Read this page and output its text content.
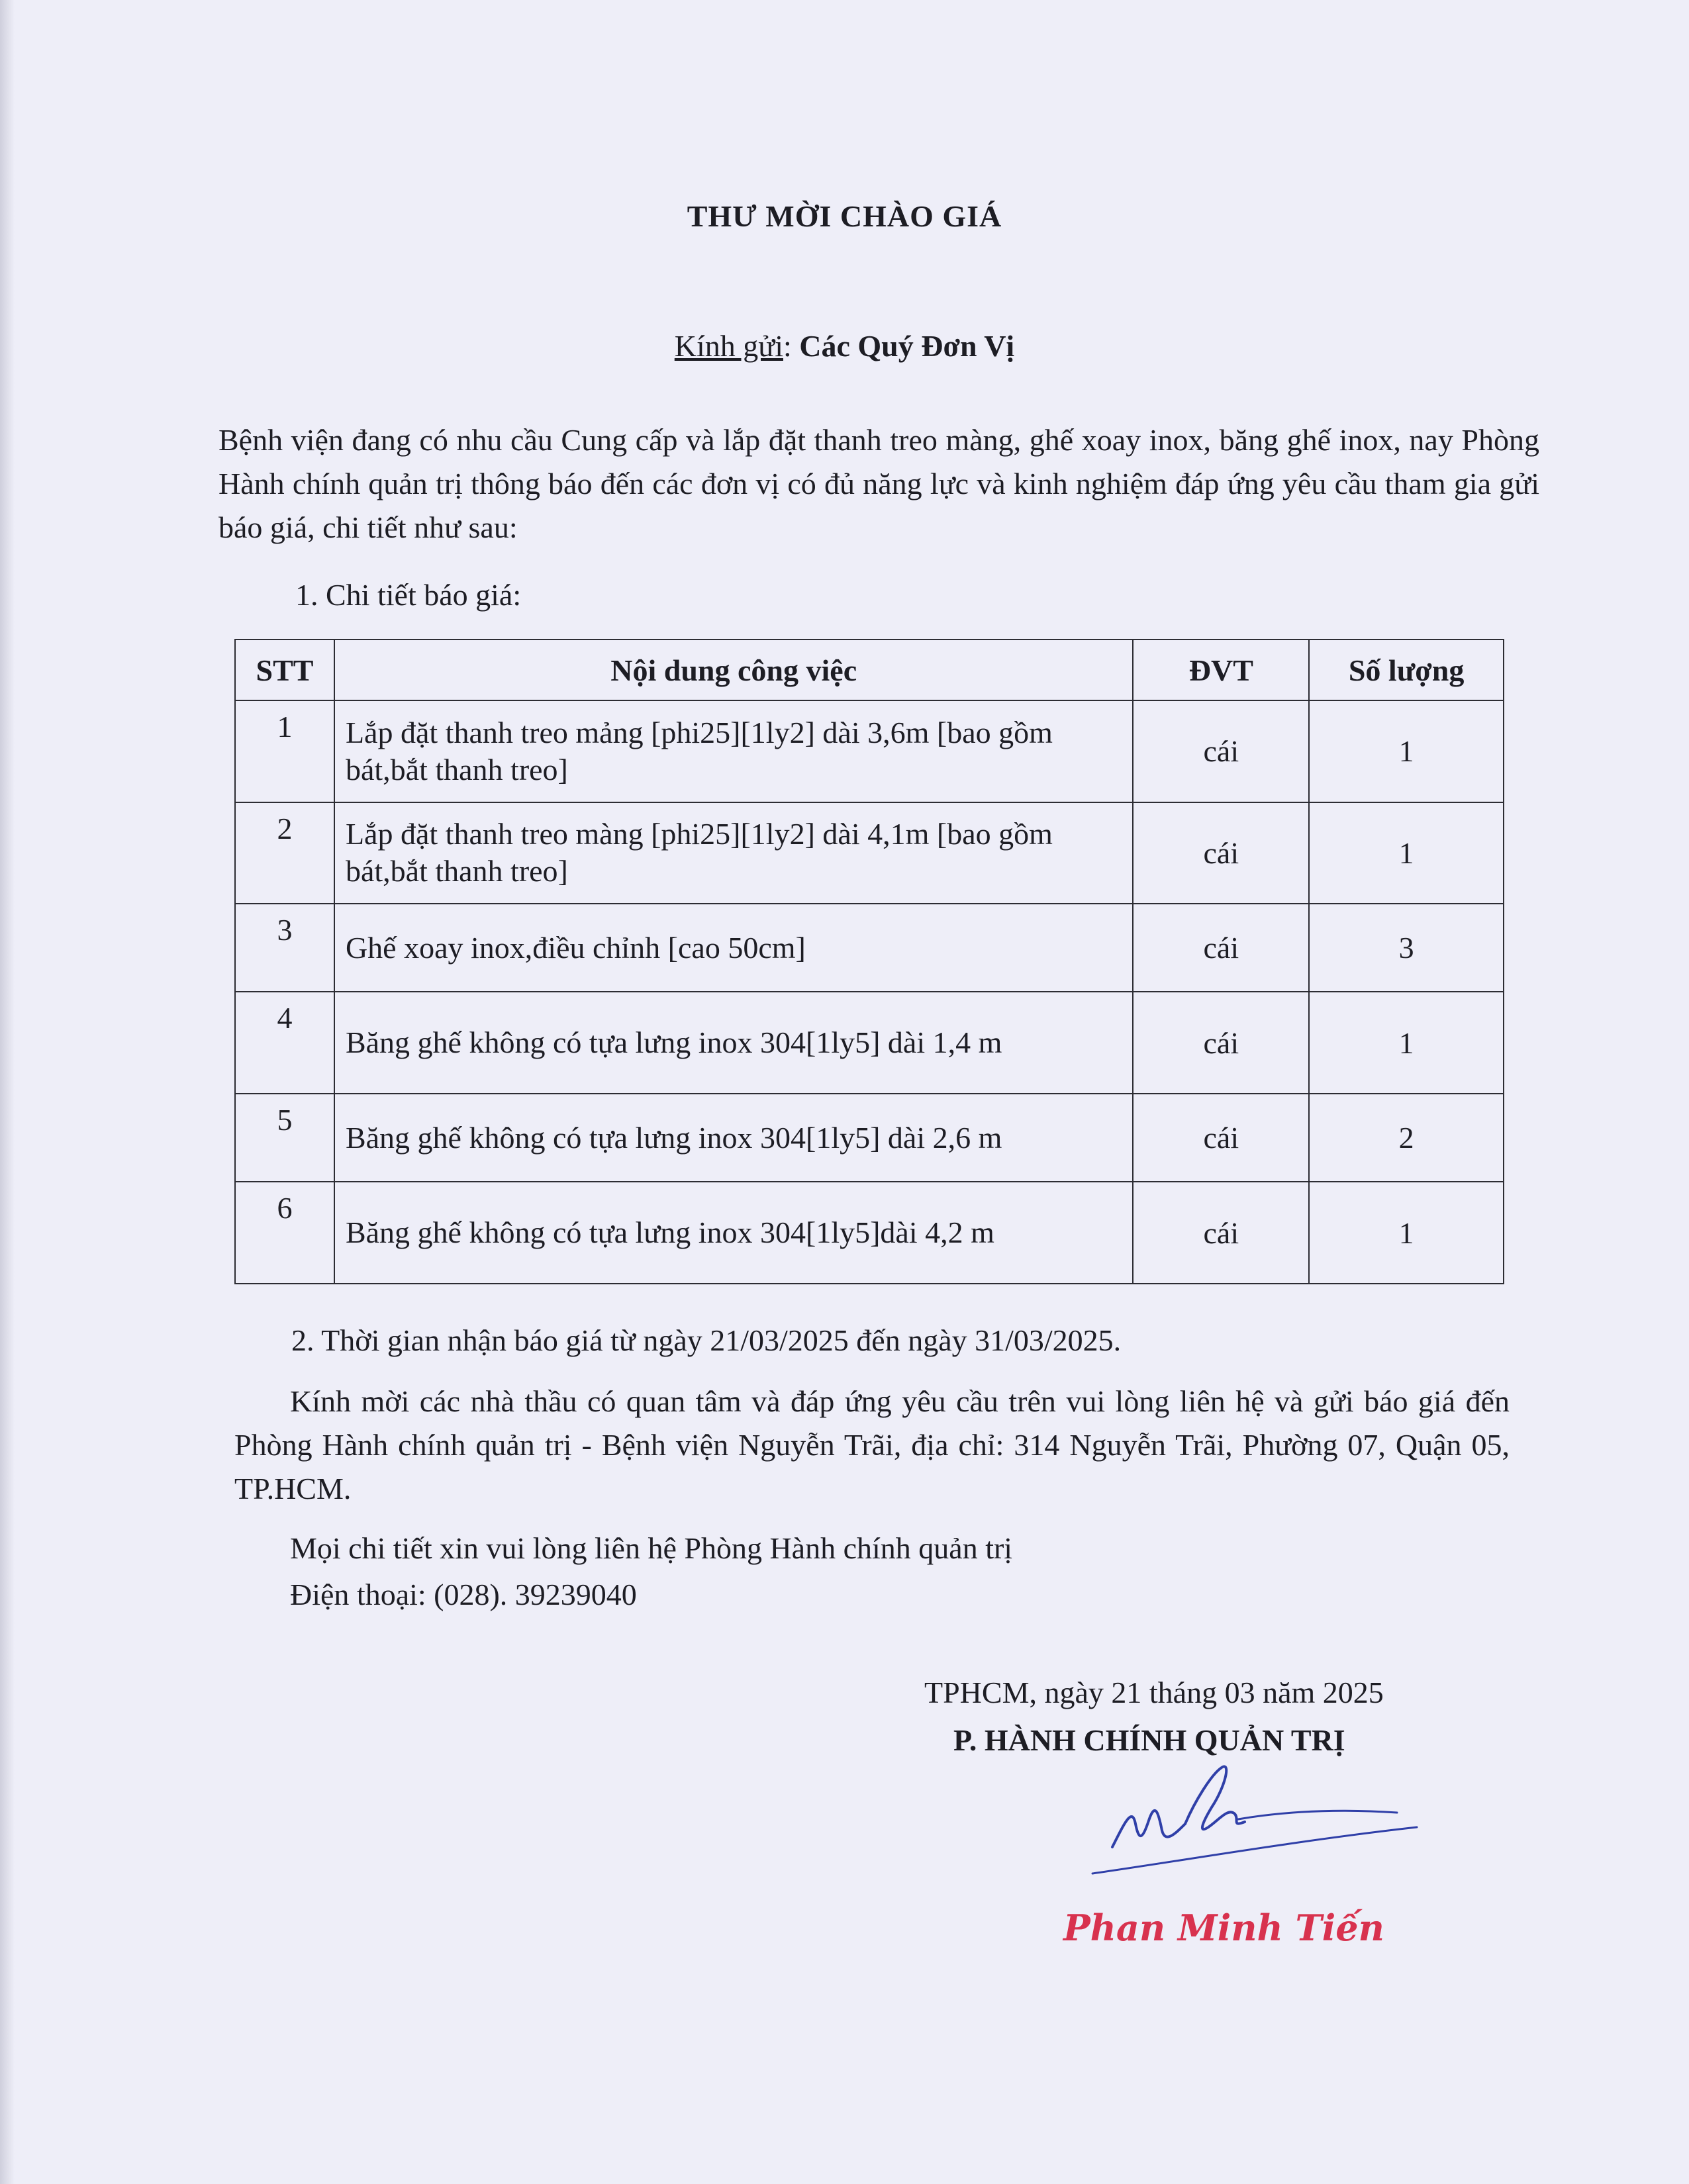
THƯ MỜI CHÀO GIÁ
Kính gửi: Các Quý Đơn Vị
Bệnh viện đang có nhu cầu Cung cấp và lắp đặt thanh treo màng, ghế xoay inox, băng ghế inox, nay Phòng Hành chính quản trị thông báo đến các đơn vị có đủ năng lực và kinh nghiệm đáp ứng yêu cầu tham gia gửi báo giá, chi tiết như sau:
1. Chi tiết báo giá:
STT	Nội dung công việc	ĐVT	Số lượng
1	Lắp đặt thanh treo mảng [phi25][1ly2] dài 3,6m [bao gồm bát,bắt thanh treo]	cái	1
2	Lắp đặt thanh treo màng [phi25][1ly2] dài 4,1m [bao gồm bát,bắt thanh treo]	cái	1
3	Ghế xoay inox,điều chỉnh [cao 50cm]	cái	3
4	Băng ghế không có tựa lưng inox 304[1ly5] dài 1,4 m	cái	1
5	Băng ghế không có tựa lưng inox 304[1ly5] dài 2,6 m	cái	2
6	Băng ghế không có tựa lưng inox 304[1ly5]dài 4,2 m	cái	1
2. Thời gian nhận báo giá từ ngày 21/03/2025 đến ngày 31/03/2025.
Kính mời các nhà thầu có quan tâm và đáp ứng yêu cầu trên vui lòng liên hệ và gửi báo giá đến Phòng Hành chính quản trị - Bệnh viện Nguyễn Trãi, địa chỉ: 314 Nguyễn Trãi, Phường 07, Quận 05, TP.HCM.
Mọi chi tiết xin vui lòng liên hệ Phòng Hành chính quản trị
Điện thoại: (028). 39239040
TPHCM, ngày 21 tháng 03 năm 2025
P. HÀNH CHÍNH QUẢN TRỊ
Phan Minh Tiến
